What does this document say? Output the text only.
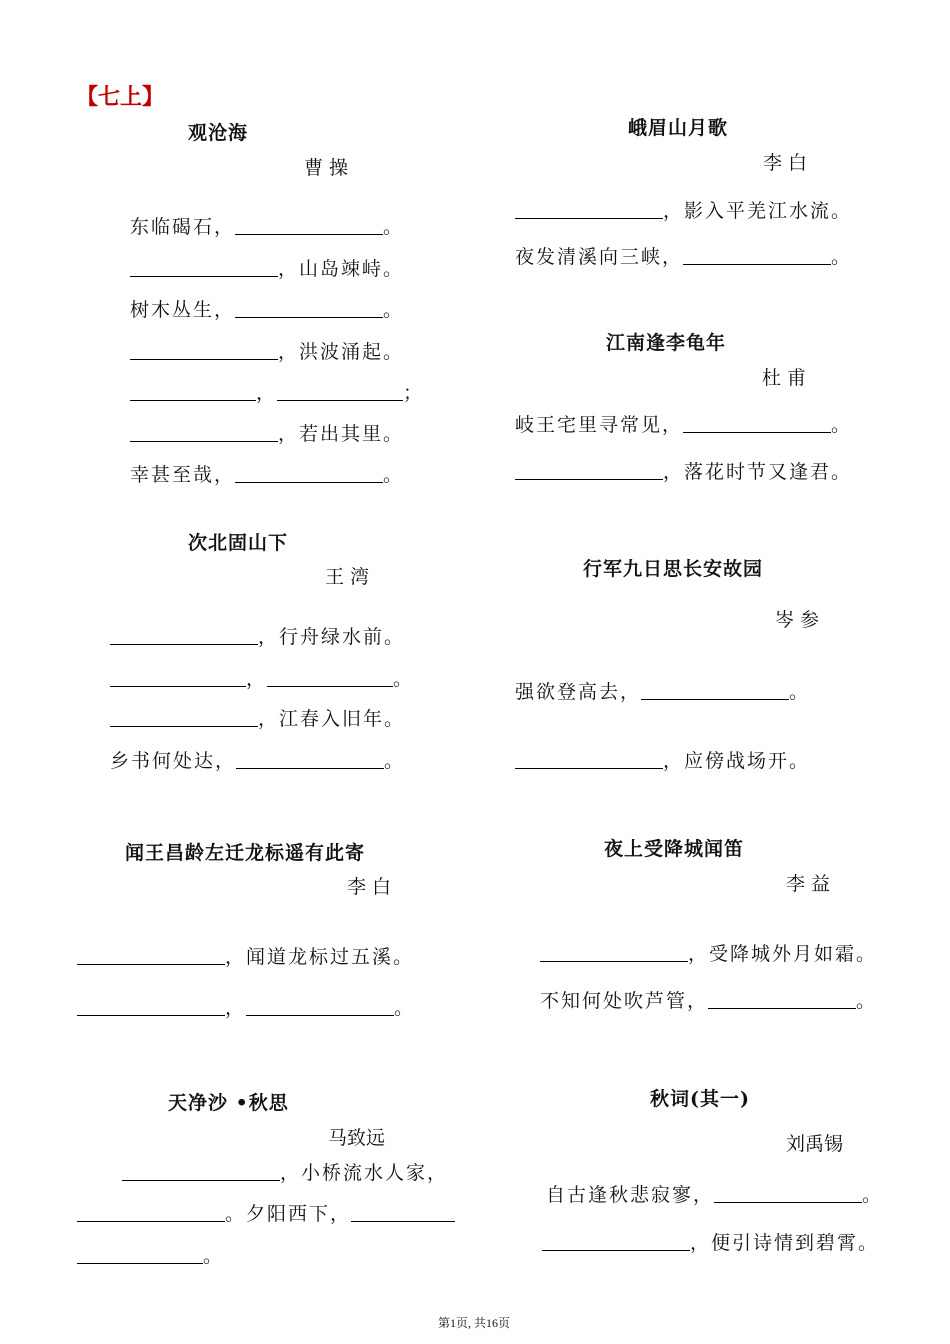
【七上】
观沧海
曹 操
东临碣石，	。
，山岛竦峙。
树木丛生，	。
，洪波涌起。
，	；
，若出其里。
幸甚至哉，	。
次北固山下
王 湾
，行舟绿水前。
，	。
，江春入旧年。
乡书何处达，	。
闻王昌龄左迁龙标遥有此寄
李 白
，闻道龙标过五溪。
，	。
天净沙 •秋思
马致远
，小桥流水人家，
。夕阳西下，
。
峨眉山月歌
李 白
，影入平羌江水流。
夜发清溪向三峡，	。
江南逢李龟年
杜 甫
岐王宅里寻常见，	。
，落花时节又逢君。
行军九日思长安故园
岑 参
强欲登高去，	。
，应傍战场开。
夜上受降城闻笛
李 益
，受降城外月如霜。
不知何处吹芦管，	。
秋词(其一)
刘禹锡
自古逢秋悲寂寥，	。
，便引诗情到碧霄。
第1页, 共16页
